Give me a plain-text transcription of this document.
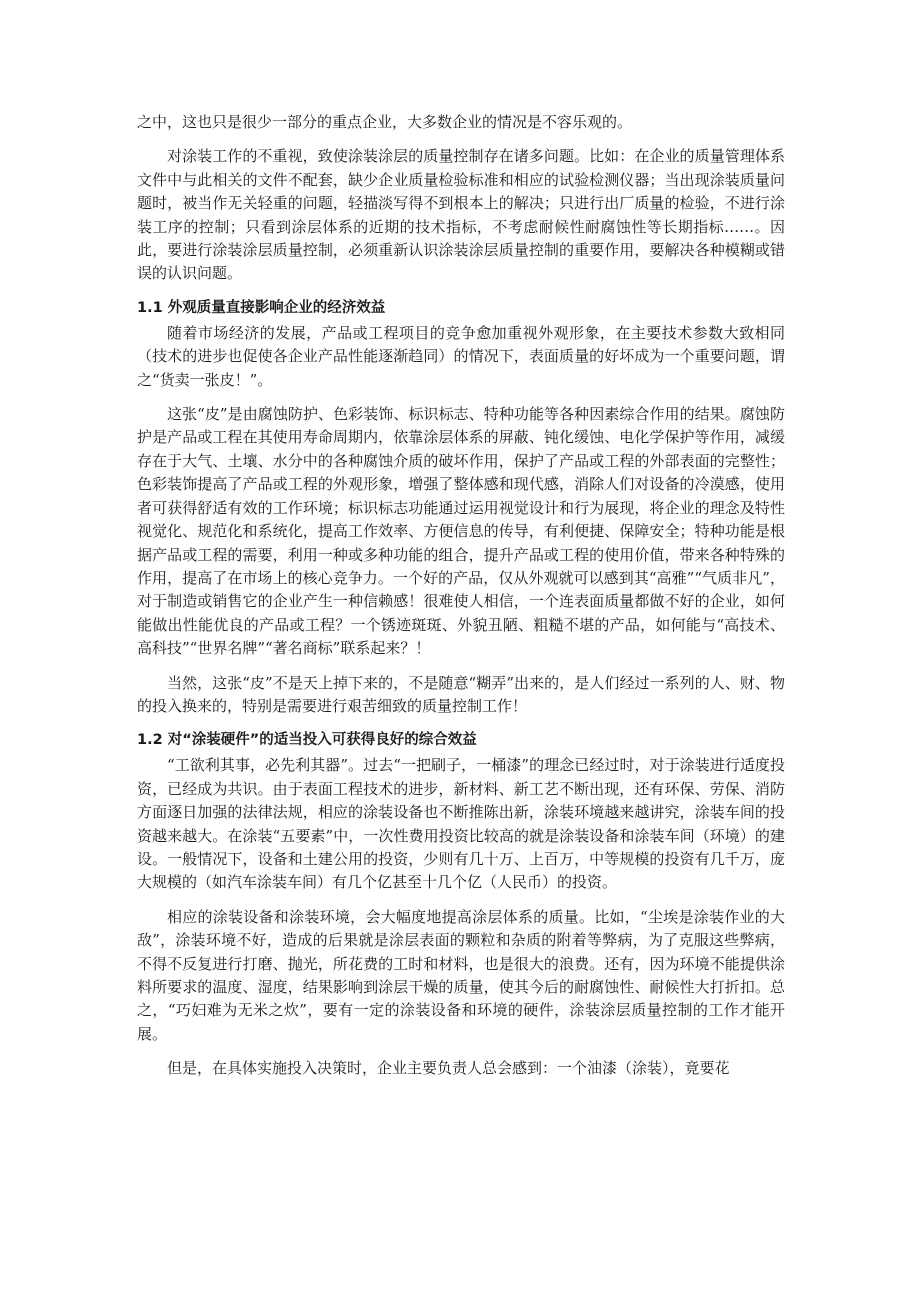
之中，这也只是很少一部分的重点企业，大多数企业的情况是不容乐观的。

对涂装工作的不重视，致使涂装涂层的质量控制存在诸多问题。比如：在企业的质量管理体系文件中与此相关的文件不配套，缺少企业质量检验标准和相应的试验检测仪器；当出现涂装质量问题时，被当作无关轻重的问题，轻描淡写得不到根本上的解决；只进行出厂质量的检验，不进行涂装工序的控制；只看到涂层体系的近期的技术指标，不考虑耐候性耐腐蚀性等长期指标……。因此，要进行涂装涂层质量控制，必须重新认识涂装涂层质量控制的重要作用，要解决各种模糊或错误的认识问题。

1.1 外观质量直接影响企业的经济效益

随着市场经济的发展，产品或工程项目的竞争愈加重视外观形象，在主要技术参数大致相同（技术的进步也促使各企业产品性能逐渐趋同）的情况下，表面质量的好坏成为一个重要问题，谓之“货卖一张皮！”。

这张“皮”是由腐蚀防护、色彩装饰、标识标志、特种功能等各种因素综合作用的结果。腐蚀防护是产品或工程在其使用寿命周期内，依靠涂层体系的屏蔽、钝化缓蚀、电化学保护等作用，减缓存在于大气、土壤、水分中的各种腐蚀介质的破坏作用，保护了产品或工程的外部表面的完整性；色彩装饰提高了产品或工程的外观形象，增强了整体感和现代感，消除人们对设备的冷漠感，使用者可获得舒适有效的工作环境；标识标志功能通过运用视觉设计和行为展现，将企业的理念及特性视觉化、规范化和系统化，提高工作效率、方便信息的传导，有利便捷、保障安全；特种功能是根据产品或工程的需要，利用一种或多种功能的组合，提升产品或工程的使用价值，带来各种特殊的作用，提高了在市场上的核心竞争力。一个好的产品，仅从外观就可以感到其“高雅”“气质非凡”，对于制造或销售它的企业产生一种信赖感！很难使人相信，一个连表面质量都做不好的企业，如何能做出性能优良的产品或工程？一个锈迹斑斑、外貌丑陋、粗糙不堪的产品，如何能与“高技术、高科技”“世界名牌”“著名商标”联系起来？！

当然，这张“皮”不是天上掉下来的，不是随意“糊弄”出来的，是人们经过一系列的人、财、物的投入换来的，特别是需要进行艰苦细致的质量控制工作！

1.2 对“涂装硬件”的适当投入可获得良好的综合效益

“工欲利其事，必先利其器”。过去“一把刷子，一桶漆”的理念已经过时，对于涂装进行适度投资，已经成为共识。由于表面工程技术的进步，新材料、新工艺不断出现，还有环保、劳保、消防方面逐日加强的法律法规，相应的涂装设备也不断推陈出新，涂装环境越来越讲究，涂装车间的投资越来越大。在涂装“五要素”中，一次性费用投资比较高的就是涂装设备和涂装车间（环境）的建设。一般情况下，设备和土建公用的投资，少则有几十万、上百万，中等规模的投资有几千万，庞大规模的（如汽车涂装车间）有几个亿甚至十几个亿（人民币）的投资。

相应的涂装设备和涂装环境，会大幅度地提高涂层体系的质量。比如，“尘埃是涂装作业的大敌”，涂装环境不好，造成的后果就是涂层表面的颗粒和杂质的附着等弊病，为了克服这些弊病，不得不反复进行打磨、抛光，所花费的工时和材料，也是很大的浪费。还有，因为环境不能提供涂料所要求的温度、湿度，结果影响到涂层干燥的质量，使其今后的耐腐蚀性、耐候性大打折扣。总之，“巧妇难为无米之炊”，要有一定的涂装设备和环境的硬件，涂装涂层质量控制的工作才能开展。

但是，在具体实施投入决策时，企业主要负责人总会感到：一个油漆（涂装），竟要花
